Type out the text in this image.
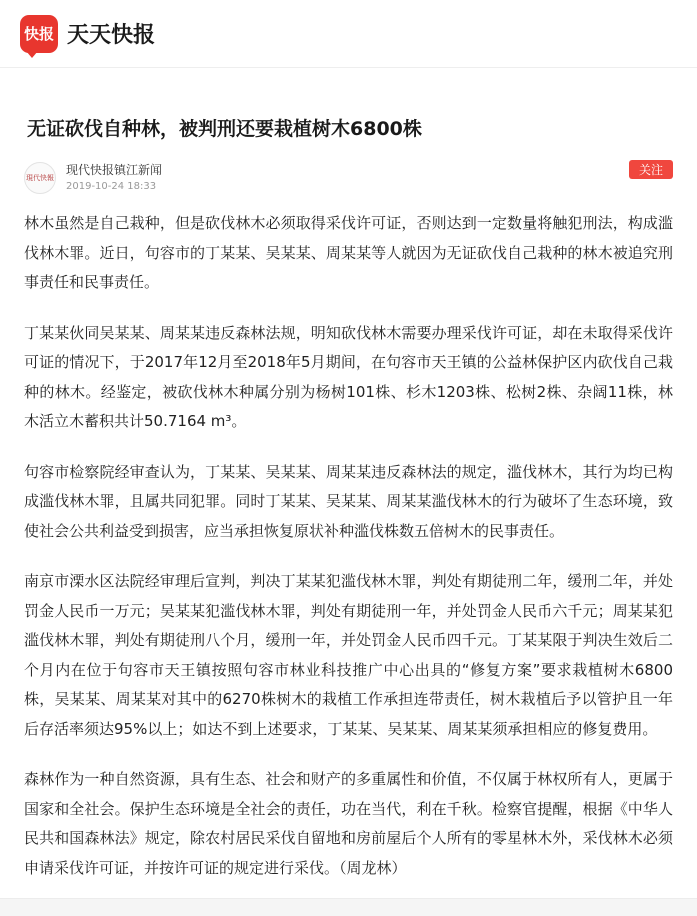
快报 天天快报
无证砍伐自种林，被判刑还要栽植树木6800株
現代快報
现代快报镇江新闻
2019-10-24 18:33
关注

林木虽然是自己栽种，但是砍伐林木必须取得采伐许可证，否则达到一定数量将触犯刑法，构成滥伐林木罪。近日，句容市的丁某某、吴某某、周某某等人就因为无证砍伐自己栽种的林木被追究刑事责任和民事责任。

丁某某伙同吴某某、周某某违反森林法规，明知砍伐林木需要办理采伐许可证，却在未取得采伐许可证的情况下，于2017年12月至2018年5月期间，在句容市天王镇的公益林保护区内砍伐自己栽种的林木。经鉴定，被砍伐林木种属分别为杨树101株、杉木1203株、松树2株、杂阔11株，林木活立木蓄积共计50.7164 m³。

句容市检察院经审查认为，丁某某、吴某某、周某某违反森林法的规定，滥伐林木，其行为均已构成滥伐林木罪，且属共同犯罪。同时丁某某、吴某某、周某某滥伐林木的行为破坏了生态环境，致使社会公共利益受到损害，应当承担恢复原状补种滥伐株数五倍树木的民事责任。

南京市溧水区法院经审理后宣判，判决丁某某犯滥伐林木罪，判处有期徒刑二年，缓刑二年，并处罚金人民币一万元；吴某某犯滥伐林木罪，判处有期徒刑一年，并处罚金人民币六千元；周某某犯滥伐林木罪，判处有期徒刑八个月，缓刑一年，并处罚金人民币四千元。丁某某限于判决生效后二个月内在位于句容市天王镇按照句容市林业科技推广中心出具的“修复方案”要求栽植树木6800株，吴某某、周某某对其中的6270株树木的栽植工作承担连带责任，树木栽植后予以管护且一年后存活率须达95%以上；如达不到上述要求，丁某某、吴某某、周某某须承担相应的修复费用。

森林作为一种自然资源，具有生态、社会和财产的多重属性和价值，不仅属于林权所有人，更属于国家和全社会。保护生态环境是全社会的责任，功在当代，利在千秋。检察官提醒，根据《中华人民共和国森林法》规定，除农村居民采伐自留地和房前屋后个人所有的零星林木外，采伐林木必须申请采伐许可证，并按许可证的规定进行采伐。（周龙林）
